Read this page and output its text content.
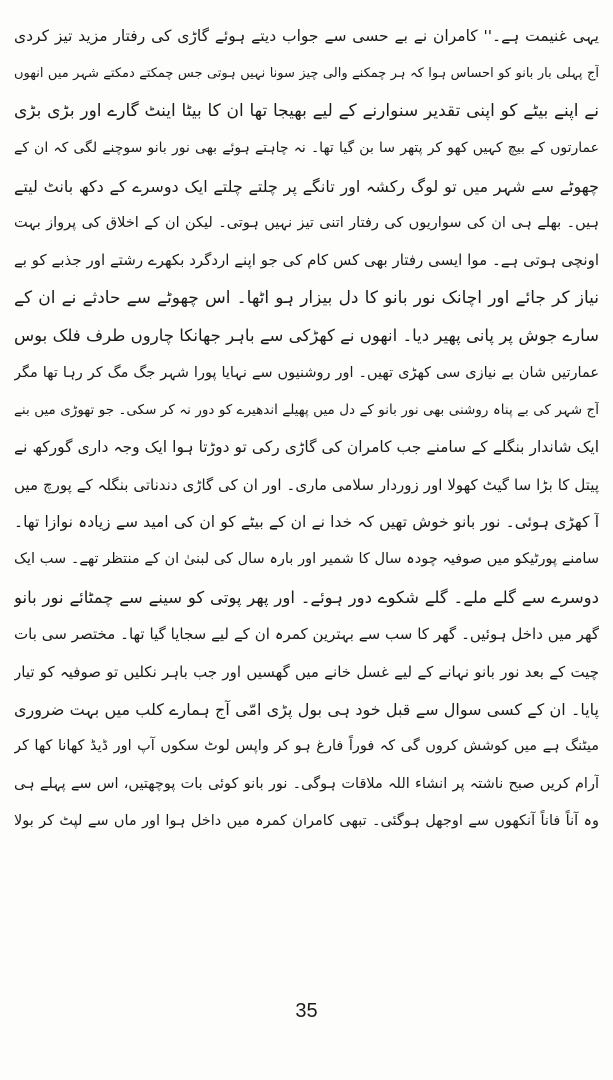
یہی غنیمت ہے۔'' کامران نے بے حسی سے جواب دیتے ہوئے گاڑی کی رفتار مزید تیز کردی
آج پہلی بار بانو کو احساس ہوا کہ ہر چمکنے والی چیز سونا نہیں ہوتی جس چمکتے دمکتے شہر میں انھوں
نے اپنے بیٹے کو اپنی تقدیر سنوارنے کے لیے بھیجا تھا ان کا بیٹا اینٹ گارے اور بڑی بڑی
عمارتوں کے بیچ کہیں کھو کر پتھر سا بن گیا تھا۔ نہ چاہتے ہوئے بھی نور بانو سوچنے لگی کہ ان کے
چھوٹے سے شہر میں تو لوگ رکشہ اور تانگے پر چلتے چلتے ایک دوسرے کے دکھ بانٹ لیتے
ہیں۔ بھلے ہی ان کی سواریوں کی رفتار اتنی تیز نہیں ہوتی۔ لیکن ان کے اخلاق کی پرواز بہت
اونچی ہوتی ہے۔ موا ایسی رفتار بھی کس کام کی جو اپنے اردگرد بکھرے رشتے اور جذبے کو بے
نیاز کر جائے اور اچانک نور بانو کا دل بیزار ہو اٹھا۔ اس چھوٹے سے حادثے نے ان کے
سارے جوش پر پانی پھیر دیا۔ انھوں نے کھڑکی سے باہر جھانکا چاروں طرف فلک بوس
عمارتیں شان بے نیازی سی کھڑی تھیں۔ اور روشنیوں سے نہایا پورا شہر جگ مگ کر رہا تھا مگر
آج شہر کی بے پناہ روشنی بھی نور بانو کے دل میں پھیلے اندھیرے کو دور نہ کر سکی۔ جو تھوڑی میں بنے
ایک شاندار بنگلے کے سامنے جب کامران کی گاڑی رکی تو دوڑتا ہوا ایک وجہ داری گورکھ نے
پیتل کا بڑا سا گیٹ کھولا اور زوردار سلامی ماری۔ اور ان کی گاڑی دندناتی بنگلہ کے پورچ میں
آ کھڑی ہوئی۔ نور بانو خوش تھیں کہ خدا نے ان کے بیٹے کو ان کی امید سے زیادہ نوازا تھا۔
سامنے پورٹیکو میں صوفیہ چودہ سال کا شمیر اور بارہ سال کی لبنیٰ ان کے منتظر تھے۔ سب ایک
دوسرے سے گلے ملے۔ گلے شکوے دور ہوئے۔ اور پھر پوتی کو سینے سے چمٹائے نور بانو
گھر میں داخل ہوئیں۔ گھر کا سب سے بہترین کمرہ ان کے لیے سجایا گیا تھا۔ مختصر سی بات
چیت کے بعد نور بانو نہانے کے لیے غسل خانے میں گھسیں اور جب باہر نکلیں تو صوفیہ کو تیار
پایا۔ ان کے کسی سوال سے قبل خود ہی بول پڑی امّی آج ہمارے کلب میں بہت ضروری
میٹنگ ہے میں کوشش کروں گی کہ فوراً فارغ ہو کر واپس لوٹ سکوں آپ اور ڈیڈ کھانا کھا کر
آرام کریں صبح ناشتہ پر انشاء اللہ ملاقات ہوگی۔ نور بانو کوئی بات پوچھتیں، اس سے پہلے ہی
وہ آناً فاناً آنکھوں سے اوجھل ہوگئی۔ تبھی کامران کمرہ میں داخل ہوا اور ماں سے لپٹ کر بولا
35
